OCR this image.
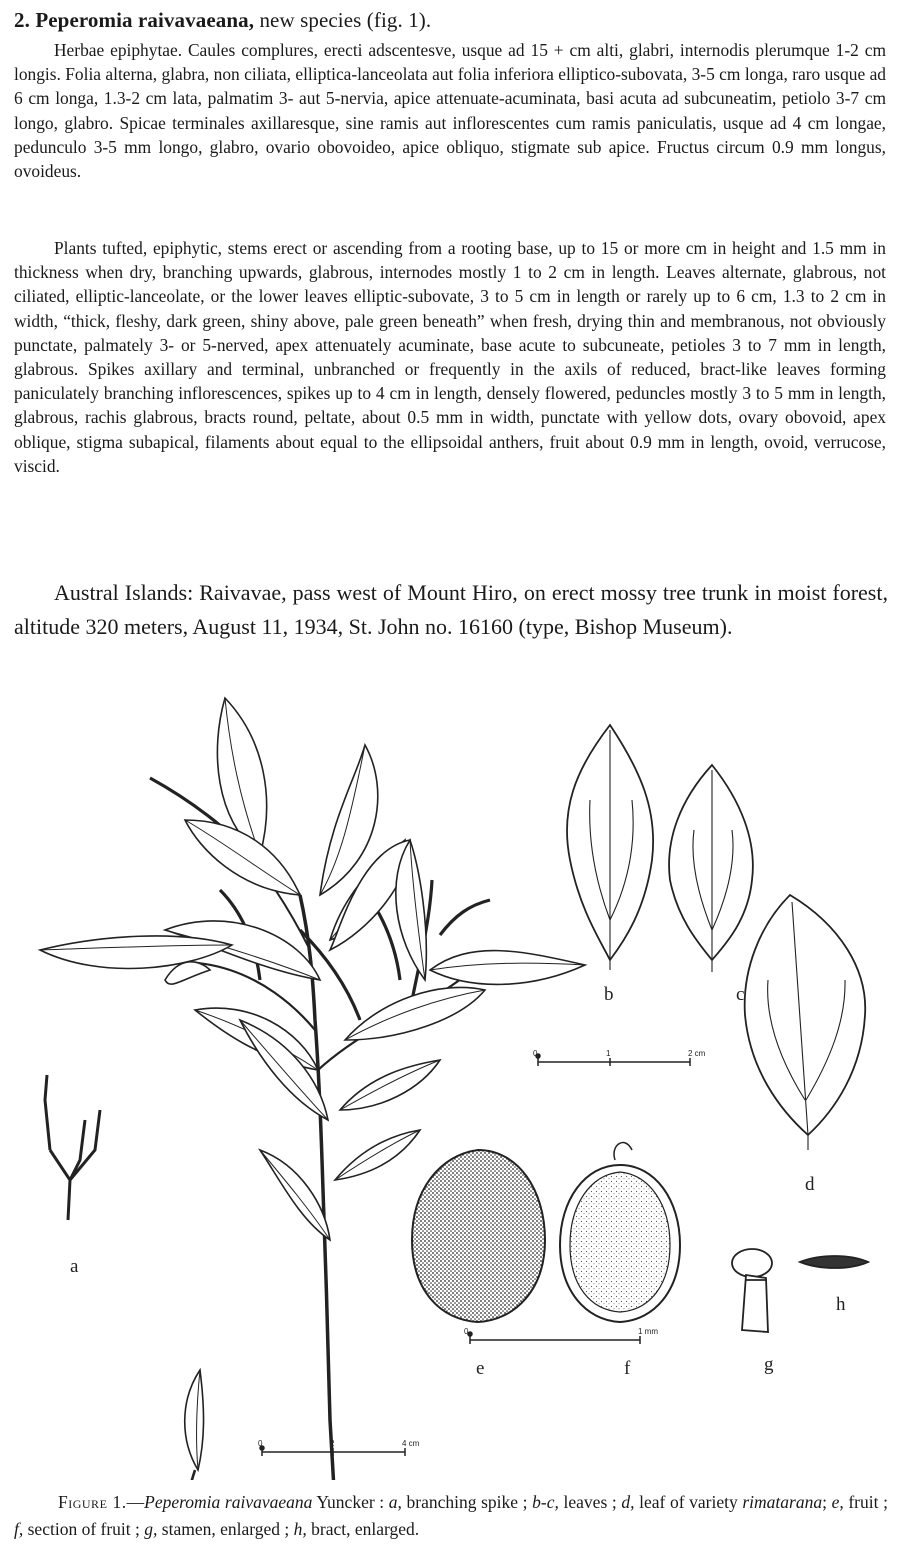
2. Peperomia raivavaeana, new species (fig. 1).

Herbae epiphytae. Caules complures, erecti adscentesve, usque ad 15 + cm alti, glabri, internodis plerumque 1-2 cm longis. Folia alterna, glabra, non ciliata, elliptica-lanceolata aut folia inferiora elliptico-subovata, 3-5 cm longa, raro usque ad 6 cm longa, 1.3-2 cm lata, palmatim 3- aut 5-nervia, apice attenuate-acuminata, basi acuta ad subcuneatim, petiolo 3-7 cm longo, glabro. Spicae terminales axillaresque, sine ramis aut inflorescentes cum ramis paniculatis, usque ad 4 cm longae, pedunculo 3-5 mm longo, glabro, ovario obovoideo, apice obliquo, stigmate sub apice. Fructus circum 0.9 mm longus, ovoideus.

Plants tufted, epiphytic, stems erect or ascending from a rooting base, up to 15 or more cm in height and 1.5 mm in thickness when dry, branching upwards, glabrous, internodes mostly 1 to 2 cm in length. Leaves alternate, glabrous, not ciliated, elliptic-lanceolate, or the lower leaves elliptic-subovate, 3 to 5 cm in length or rarely up to 6 cm, 1.3 to 2 cm in width, “thick, fleshy, dark green, shiny above, pale green beneath” when fresh, drying thin and membranous, not obviously punctate, palmately 3- or 5-nerved, apex attenuately acuminate, base acute to subcuneate, petioles 3 to 7 mm in length, glabrous. Spikes axillary and terminal, unbranched or frequently in the axils of reduced, bract-like leaves forming paniculately branching inflorescences, spikes up to 4 cm in length, densely flowered, peduncles mostly 3 to 5 mm in length, glabrous, rachis glabrous, bracts round, peltate, about 0.5 mm in width, punctate with yellow dots, ovary obovoid, apex oblique, stigma subapical, filaments about equal to the ellipsoidal anthers, fruit about 0.9 mm in length, ovoid, verrucose, viscid.

Austral Islands: Raivavae, pass west of Mount Hiro, on erect mossy tree trunk in moist forest, altitude 320 meters, August 11, 1934, St. John no. 16160 (type, Bishop Museum).

a
b	c
d
0	1	2 cm
e	f
0	1 mm
g
h
0	2	4 cm

Figure 1.—Peperomia raivavaeana Yuncker : a, branching spike ; b-c, leaves ; d, leaf of variety rimatarana; e, fruit ; f, section of fruit ; g, stamen, enlarged ; h, bract, enlarged.
